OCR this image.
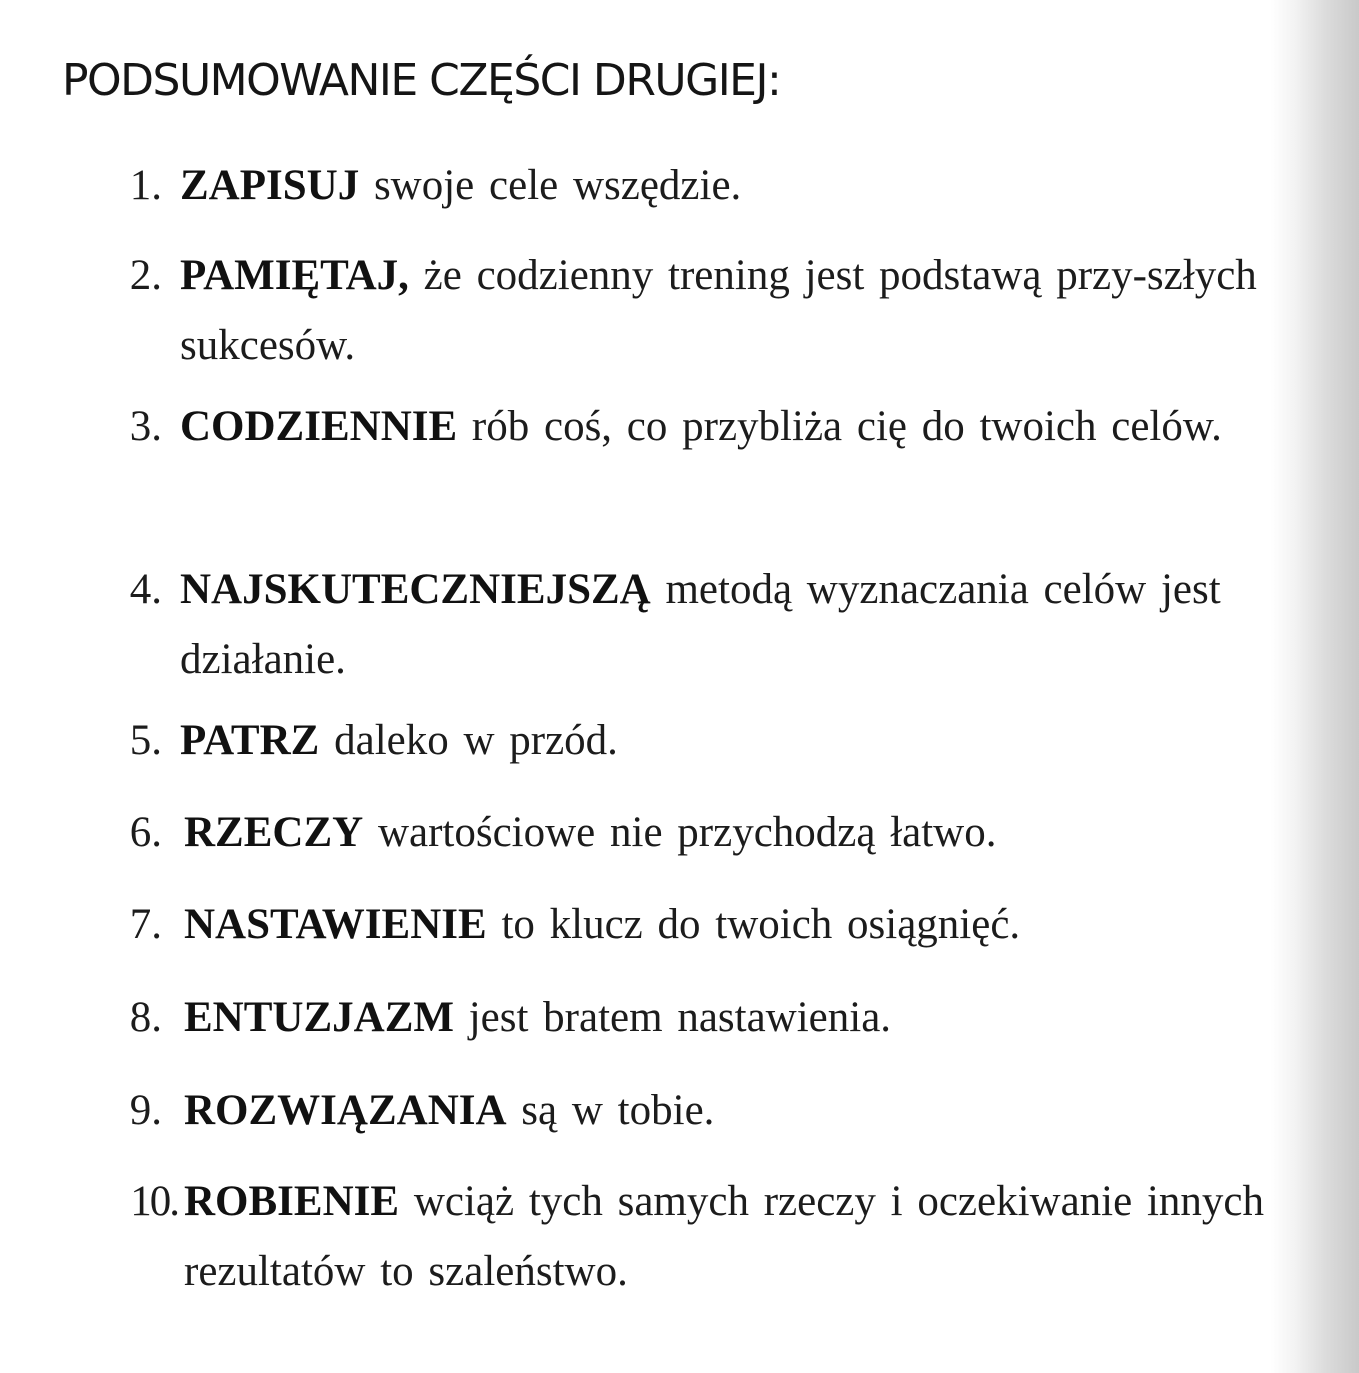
PODSUMOWANIE CZĘŚCI DRUGIEJ:
1. ZAPISUJ swoje cele wszędzie.
2. PAMIĘTAJ, że codzienny trening jest podstawą przy-szłych sukcesów.
3. CODZIENNIE rób coś, co przybliża cię do twoich celów.
4. NAJSKUTECZNIEJSZĄ metodą wyznaczania celów jest działanie.
5. PATRZ daleko w przód.
6. RZECZY wartościowe nie przychodzą łatwo.
7. NASTAWIENIE to klucz do twoich osiągnięć.
8. ENTUZJAZM jest bratem nastawienia.
9. ROZWIĄZANIA są w tobie.
10. ROBIENIE wciąż tych samych rzeczy i oczekiwanie innych rezultatów to szaleństwo.
